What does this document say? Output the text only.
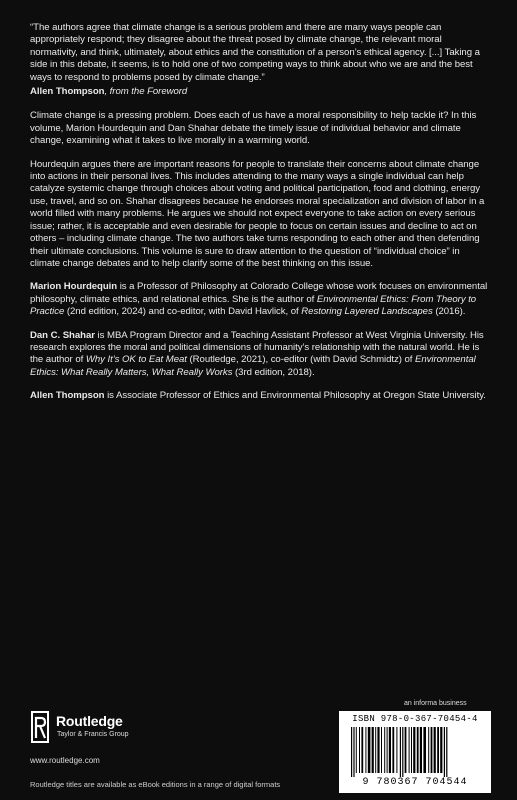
“The authors agree that climate change is a serious problem and there are many ways people can appropriately respond; they disagree about the threat posed by climate change, the relevant moral normativity, and think, ultimately, about ethics and the constitution of a person’s ethical agency. [...] Taking a side in this debate, it seems, is to hold one of two competing ways to think about who we are and the best ways to respond to problems posed by climate change.”

Allen Thompson, from the Foreword

Climate change is a pressing problem. Does each of us have a moral responsibility to help tackle it? In this volume, Marion Hourdequin and Dan Shahar debate the timely issue of individual behavior and climate change, examining what it takes to live morally in a warming world.

Hourdequin argues there are important reasons for people to translate their concerns about climate change into actions in their personal lives. This includes attending to the many ways a single individual can help catalyze systemic change through choices about voting and political participation, food and clothing, energy use, travel, and so on. Shahar disagrees because he endorses moral specialization and division of labor in a world filled with many problems. He argues we should not expect everyone to take action on every serious issue; rather, it is acceptable and even desirable for people to focus on certain issues and decline to act on others – including climate change. The two authors take turns responding to each other and then defending their ultimate conclusions. This volume is sure to draw attention to the question of “individual choice” in climate change debates and to help clarify some of the best thinking on this issue.

Marion Hourdequin is a Professor of Philosophy at Colorado College whose work focuses on environmental philosophy, climate ethics, and relational ethics. She is the author of Environmental Ethics: From Theory to Practice (2nd edition, 2024) and co-editor, with David Havlick, of Restoring Layered Landscapes (2016).

Dan C. Shahar is MBA Program Director and a Teaching Assistant Professor at West Virginia University. His research explores the moral and political dimensions of humanity’s relationship with the natural world. He is the author of Why It’s OK to Eat Meat (Routledge, 2021), co-editor (with David Schmidtz) of Environmental Ethics: What Really Matters, What Really Works (3rd edition, 2018).

Allen Thompson is Associate Professor of Ethics and Environmental Philosophy at Oregon State University.

Routledge
Taylor & Francis Group
www.routledge.com
Routledge titles are available as eBook editions in a range of digital formats
an informa business
ISBN 978-0-367-70454-4
9 780367 704544
